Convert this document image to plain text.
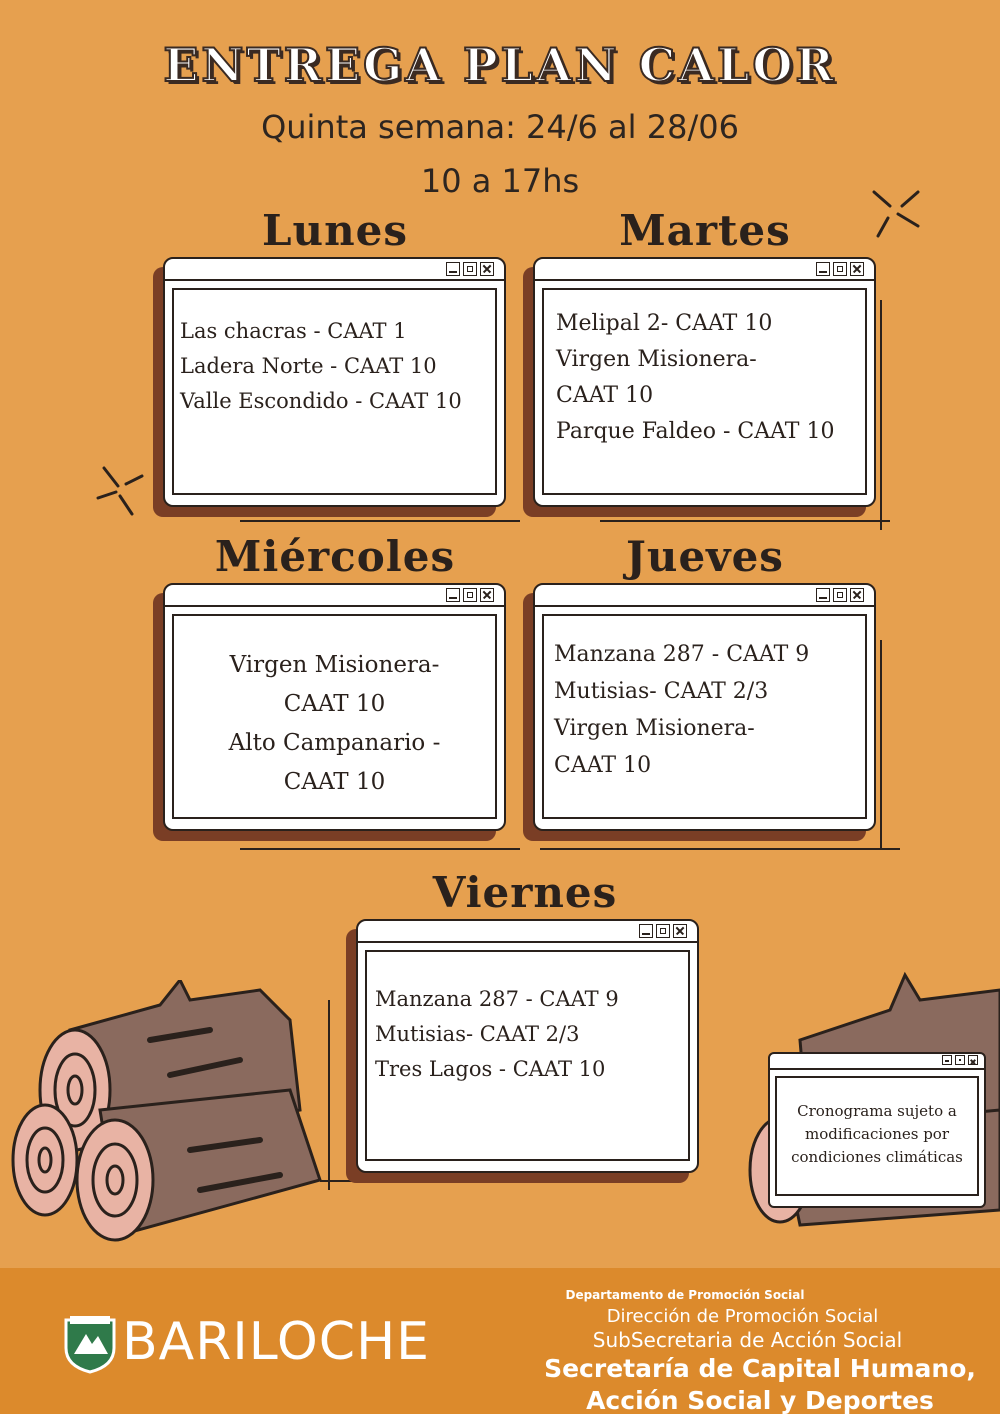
ENTREGA PLAN CALOR
Quinta semana: 24/6 al 28/06
10 a 17hs
Lunes
Las chacras - CAAT 1
Ladera Norte - CAAT 10
Valle Escondido - CAAT 10
Martes
Melipal 2- CAAT 10
Virgen Misionera-
CAAT 10
Parque Faldeo - CAAT 10
Miércoles
Virgen Misionera-
CAAT 10
Alto Campanario -
CAAT 10
Jueves
Manzana 287 - CAAT 9
Mutisias- CAAT 2/3
Virgen Misionera-
CAAT 10
Viernes
Manzana 287 - CAAT 9
Mutisias- CAAT 2/3
Tres Lagos - CAAT 10
Cronograma sujeto a
modificaciones por
condiciones climáticas
BARILOCHE
Departamento de Promoción Social
Dirección de Promoción Social
SubSecretaria de Acción Social
Secretaría de Capital Humano,
Acción Social y Deportes
